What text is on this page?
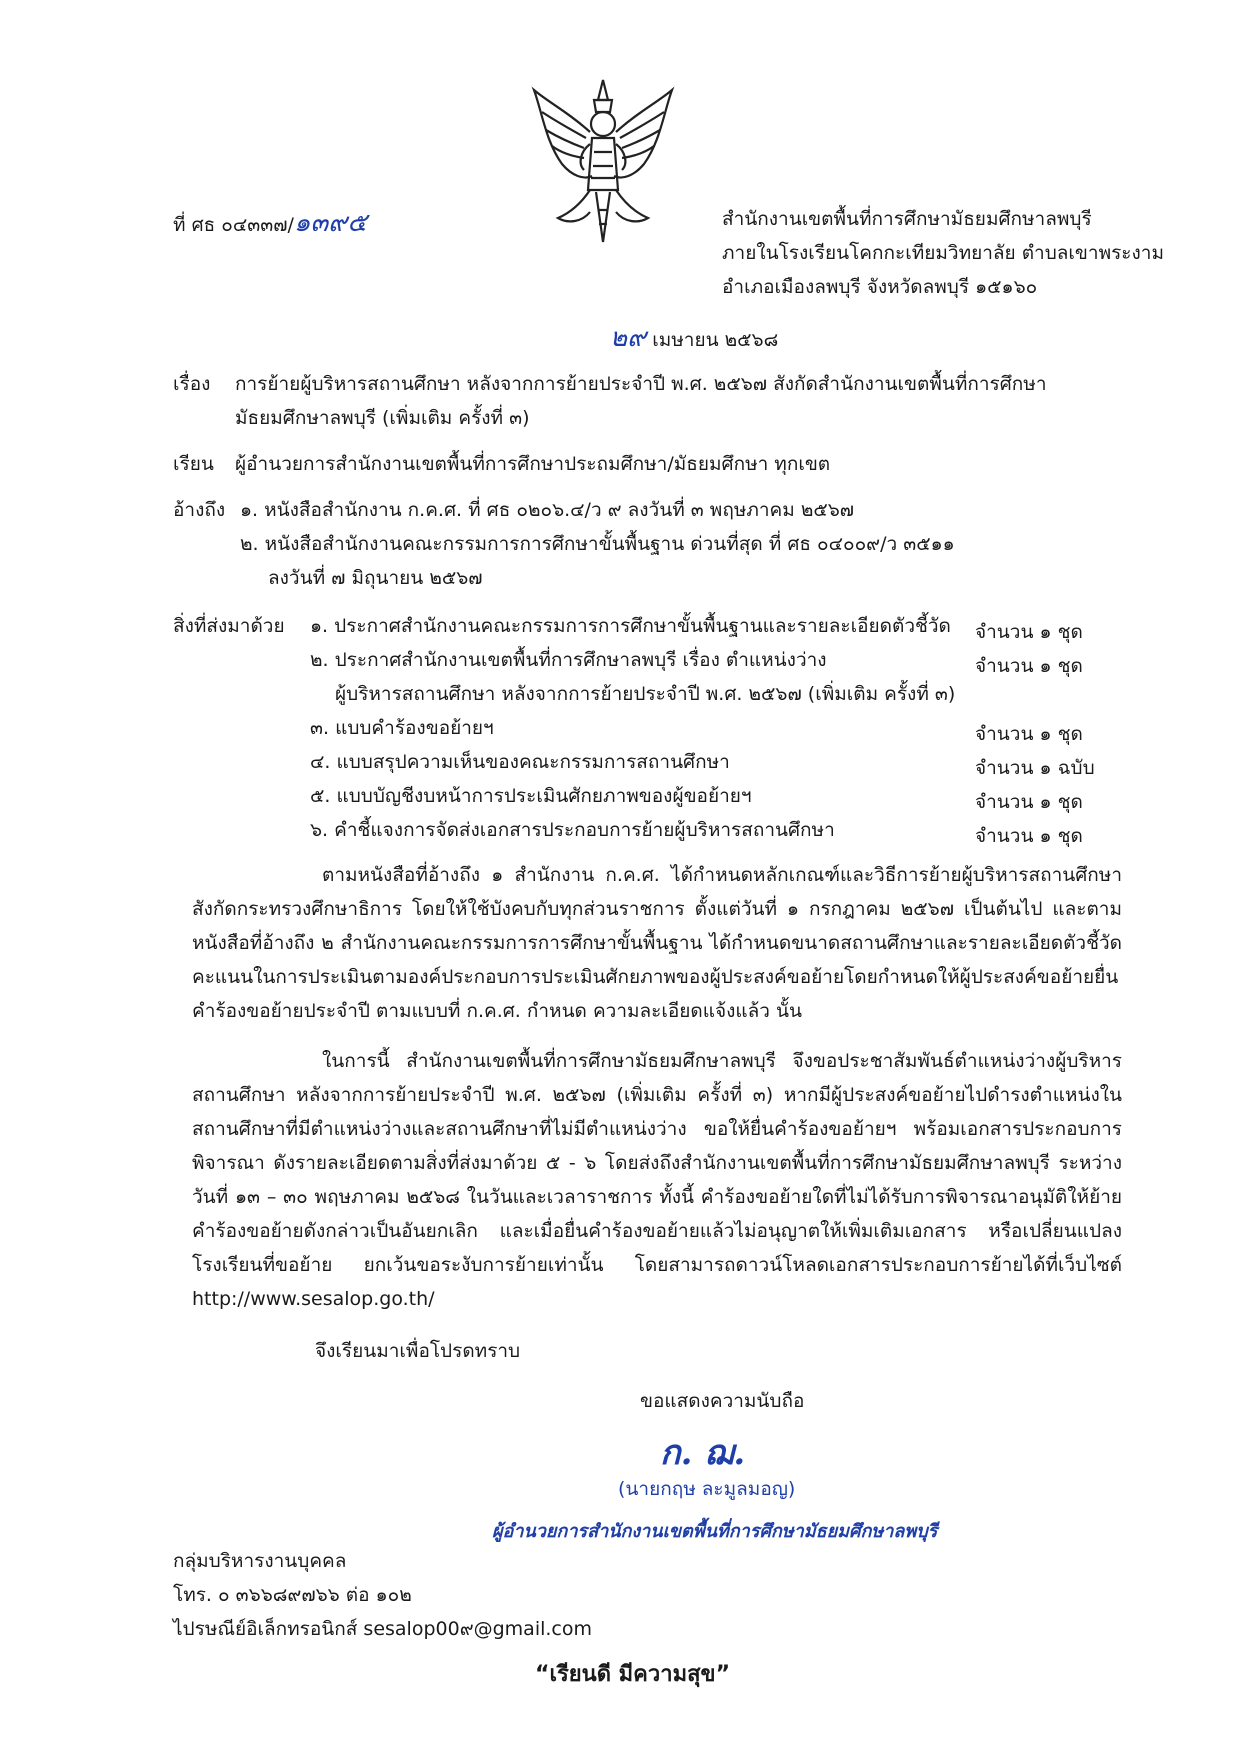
ที่ ศธ ๐๔๓๓๗/๑๓๙๕	สำนักงานเขตพื้นที่การศึกษามัธยมศึกษาลพบุรี
ภายในโรงเรียนโคกกะเทียมวิทยาลัย ตำบลเขาพระงาม
อำเภอเมืองลพบุรี จังหวัดลพบุรี ๑๕๑๖๐
๒๙ เมษายน ๒๕๖๘
เรื่อง การย้ายผู้บริหารสถานศึกษา หลังจากการย้ายประจำปี พ.ศ. ๒๕๖๗ สังกัดสำนักงานเขตพื้นที่การศึกษา
มัธยมศึกษาลพบุรี (เพิ่มเติม ครั้งที่ ๓)
เรียน ผู้อำนวยการสำนักงานเขตพื้นที่การศึกษาประถมศึกษา/มัธยมศึกษา ทุกเขต
อ้างถึง ๑. หนังสือสำนักงาน ก.ค.ศ. ที่ ศธ ๐๒๐๖.๔/ว ๙ ลงวันที่ ๓ พฤษภาคม ๒๕๖๗
๒. หนังสือสำนักงานคณะกรรมการการศึกษาขั้นพื้นฐาน ด่วนที่สุด ที่ ศธ ๐๔๐๐๙/ว ๓๕๑๑
ลงวันที่ ๗ มิถุนายน ๒๕๖๗
สิ่งที่ส่งมาด้วย ๑. ประกาศสำนักงานคณะกรรมการการศึกษาขั้นพื้นฐานและรายละเอียดตัวชี้วัด จำนวน ๑ ชุด
๒. ประกาศสำนักงานเขตพื้นที่การศึกษาลพบุรี เรื่อง ตำแหน่งว่าง	จำนวน ๑ ชุด
ผู้บริหารสถานศึกษา หลังจากการย้ายประจำปี พ.ศ. ๒๕๖๗ (เพิ่มเติม ครั้งที่ ๓)
๓. แบบคำร้องขอย้ายฯ	จำนวน ๑ ชุด
๔. แบบสรุปความเห็นของคณะกรรมการสถานศึกษา	จำนวน ๑ ฉบับ
๕. แบบบัญชีงบหน้าการประเมินศักยภาพของผู้ขอย้ายฯ	จำนวน ๑ ชุด
๖. คำชี้แจงการจัดส่งเอกสารประกอบการย้ายผู้บริหารสถานศึกษา	จำนวน ๑ ชุด
ตามหนังสือที่อ้างถึง ๑ สำนักงาน ก.ค.ศ. ได้กำหนดหลักเกณฑ์และวิธีการย้ายผู้บริหารสถานศึกษา สังกัดกระทรวงศึกษาธิการ โดยให้ใช้บังคบกับทุกส่วนราชการ ตั้งแต่วันที่ ๑ กรกฎาคม ๒๕๖๗ เป็นต้นไป และตามหนังสือที่อ้างถึง ๒ สำนักงานคณะกรรมการการศึกษาขั้นพื้นฐาน ได้กำหนดขนาดสถานศึกษาและรายละเอียดตัวชี้วัด คะแนนในการประเมินตามองค์ประกอบการประเมินศักยภาพของผู้ประสงค์ขอย้ายโดยกำหนดให้ผู้ประสงค์ขอย้ายยื่นคำร้องขอย้ายประจำปี ตามแบบที่ ก.ค.ศ. กำหนด ความละเอียดแจ้งแล้ว นั้น
ในการนี้ สำนักงานเขตพื้นที่การศึกษามัธยมศึกษาลพบุรี จึงขอประชาสัมพันธ์ตำแหน่งว่างผู้บริหารสถานศึกษา หลังจากการย้ายประจำปี พ.ศ. ๒๕๖๗ (เพิ่มเติม ครั้งที่ ๓) หากมีผู้ประสงค์ขอย้ายไปดำรงตำแหน่งในสถานศึกษาที่มีตำแหน่งว่างและสถานศึกษาที่ไม่มีตำแหน่งว่าง ขอให้ยื่นคำร้องขอย้ายฯ พร้อมเอกสารประกอบการพิจารณา ดังรายละเอียดตามสิ่งที่ส่งมาด้วย ๕ - ๖ โดยส่งถึงสำนักงานเขตพื้นที่การศึกษามัธยมศึกษาลพบุรี ระหว่างวันที่ ๑๓ – ๓๐ พฤษภาคม ๒๕๖๘ ในวันและเวลาราชการ ทั้งนี้ คำร้องขอย้ายใดที่ไม่ได้รับการพิจารณาอนุมัติให้ย้าย คำร้องขอย้ายดังกล่าวเป็นอันยกเลิก และเมื่อยื่นคำร้องขอย้ายแล้วไม่อนุญาตให้เพิ่มเติมเอกสาร หรือเปลี่ยนแปลงโรงเรียนที่ขอย้าย ยกเว้นขอระงับการย้ายเท่านั้น โดยสามารถดาวน์โหลดเอกสารประกอบการย้ายได้ที่เว็บไซต์ http://www.sesalop.go.th/
จึงเรียนมาเพื่อโปรดทราบ
ขอแสดงความนับถือ
ก. ฌ.
(นายกฤษ ละมูลมอญ)
ผู้อำนวยการสำนักงานเขตพื้นที่การศึกษามัธยมศึกษาลพบุรี
กลุ่มบริหารงานบุคคล
โทร. ๐ ๓๖๖๘๙๗๖๖ ต่อ ๑๐๒
ไปรษณีย์อิเล็กทรอนิกส์ sesalop00๙@gmail.com
“เรียนดี มีความสุข”
